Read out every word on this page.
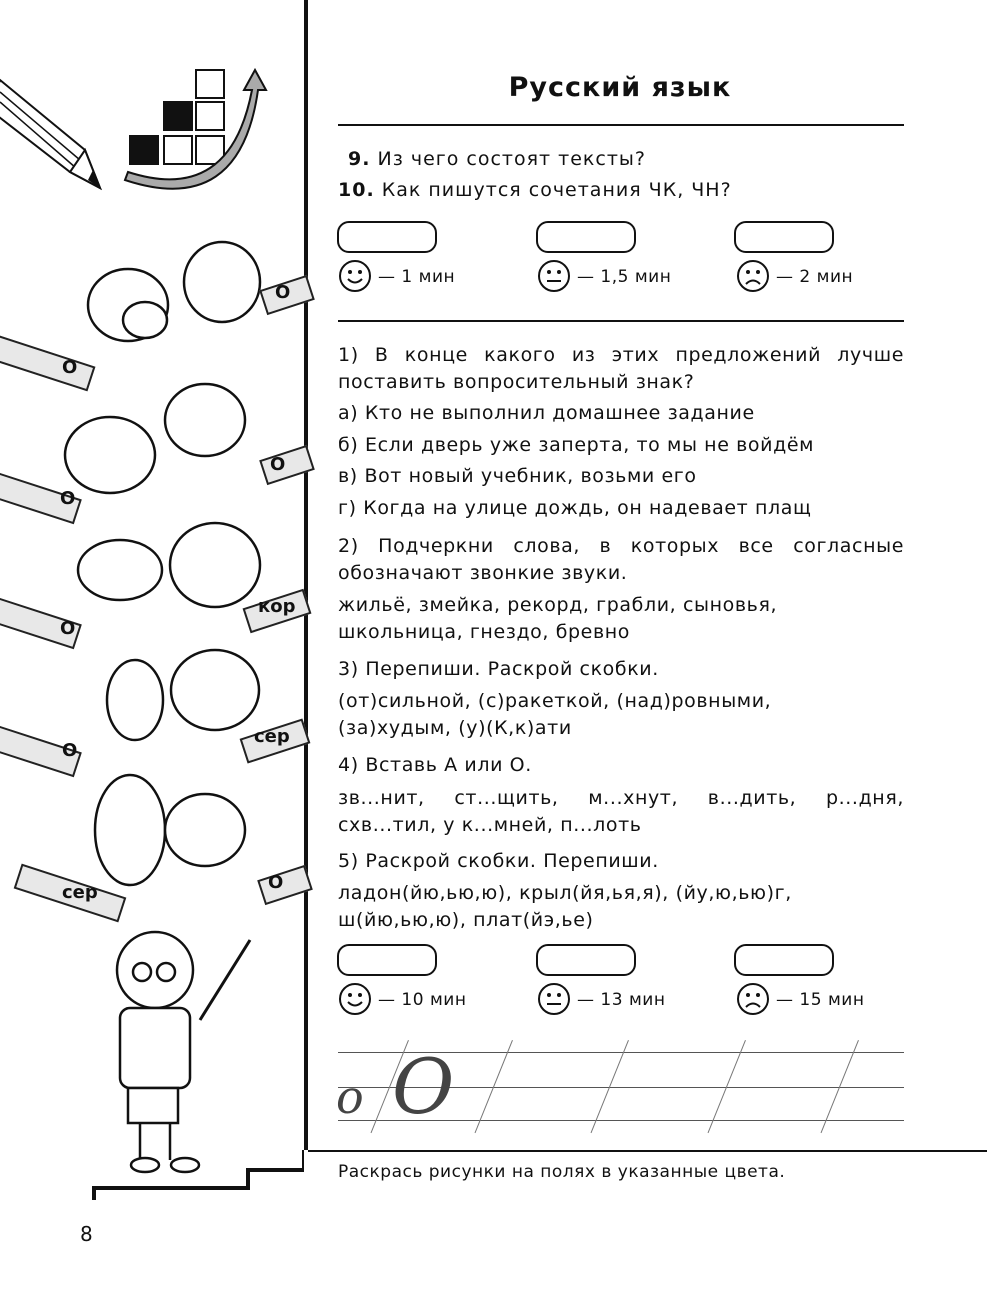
О
О
О
О
О
кор
О
сер
сер	О
Русский язык
9. Из чего состоят тексты?
10. Как пишутся сочетания ЧК, ЧН?
— 1 мин	— 1,5 мин	— 2 мин
1) В конце какого из этих предложений лучше
поставить вопросительный знак?
а) Кто не выполнил домашнее задание
б) Если дверь уже заперта, то мы не войдём
в) Вот новый учебник, возьми его
г) Когда на улице дождь, он надевает плащ
2) Подчеркни слова, в которых все согласные
обозначают звонкие звуки.
жильё, змейка, рекорд, грабли, сыновья,
школьница, гнездо, бревно
3) Перепиши. Раскрой скобки.
(от)сильной, (с)ракеткой, (над)ровными,
(за)худым, (у)(К,к)ати
4) Вставь А или О.
зв...нит, ст...щить, м...хнут, в...дить, р...дня,
схв...тил, у к...мней, п...лоть
5) Раскрой скобки. Перепиши.
ладон(йю,ью,ю), крыл(йя,ья,я), (йу,ю,ью)г,
ш(йю,ью,ю), плат(йэ,ье)
— 10 мин	— 13 мин	— 15 мин
о О
Раскрась рисунки на полях в указанные цвета.
8
